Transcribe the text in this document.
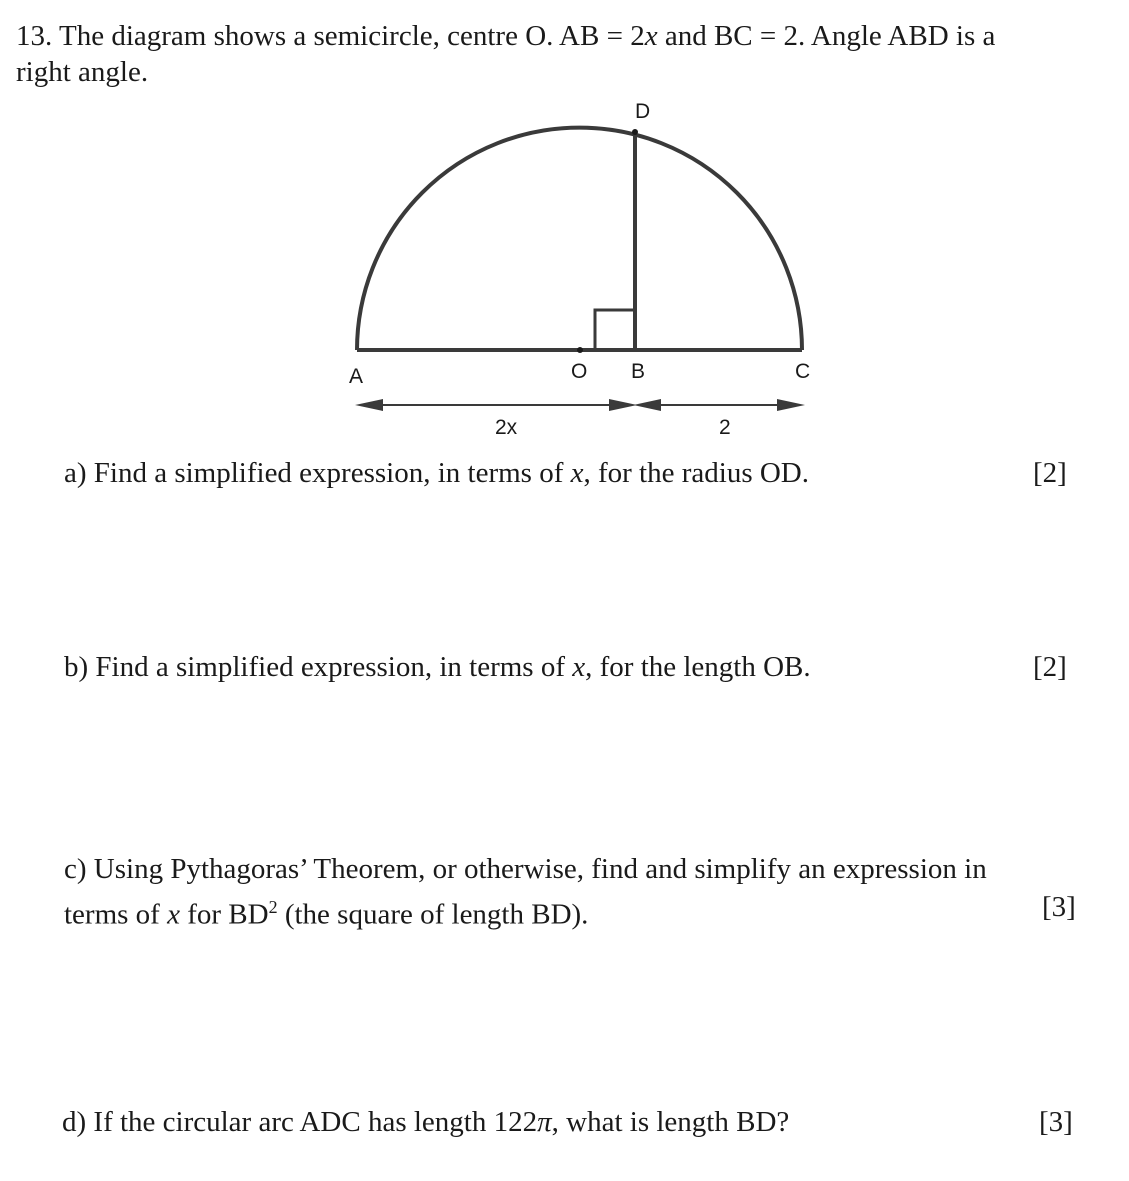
13. The diagram shows a semicircle, centre O. AB = 2x and BC = 2. Angle ABD is a
right angle.
A	O B	C
D
2x	2
a) Find a simplified expression, in terms of x, for the radius OD.	[2]
b) Find a simplified expression, in terms of x, for the length OB.	[2]
c) Using Pythagoras’ Theorem, or otherwise, find and simplify an expression in
terms of x for $BD^2$ (the square of length BD).	[3]
d) If the circular arc ADC has length 122π, what is length BD?	[3]
